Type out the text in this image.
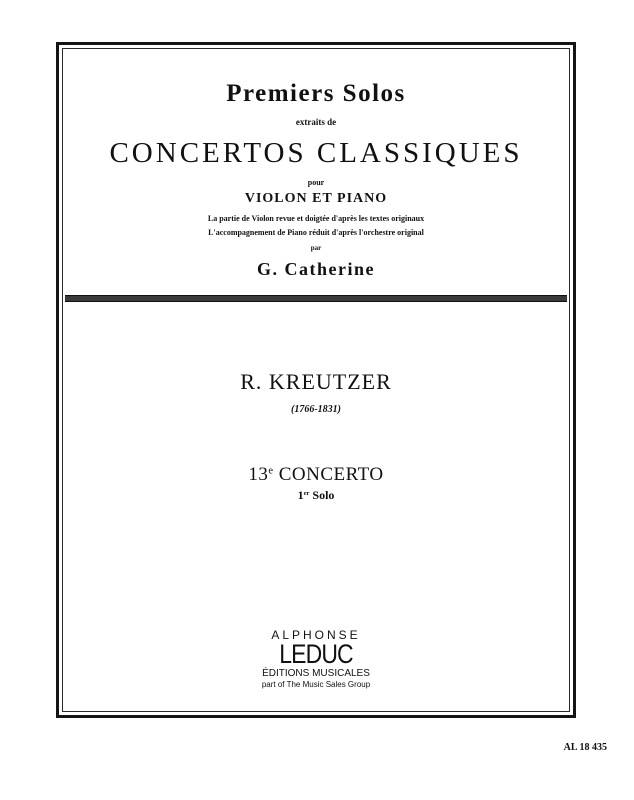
Premiers Solos
extraits de
CONCERTOS CLASSIQUES
pour
VIOLON ET PIANO
La partie de Violon revue et doigtée d'après les textes originaux
L'accompagnement de Piano réduit d'après l'orchestre original
par
G. Catherine
R. KREUTZER
(1766-1831)
13e CONCERTO
1er Solo
ALPHONSE
LEDUC
ÉDITIONS MUSICALES
part of The Music Sales Group
AL 18 435
